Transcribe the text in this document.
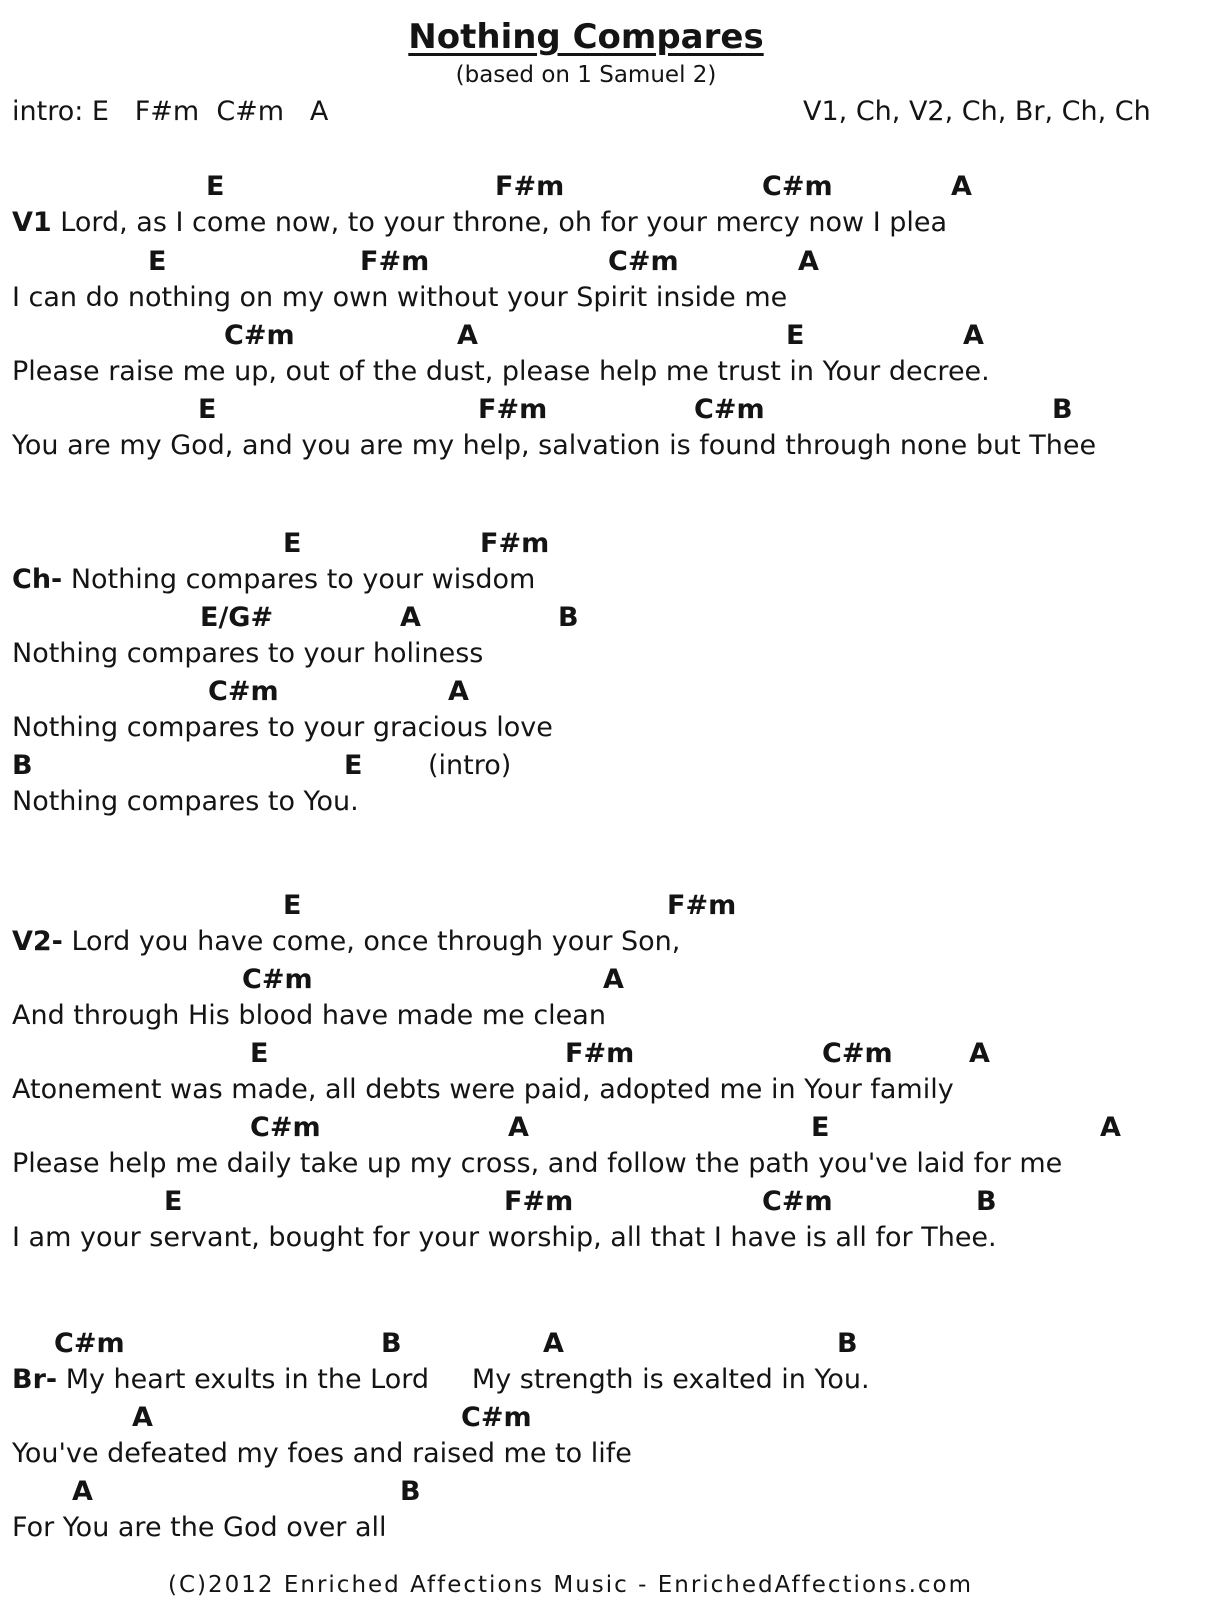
Nothing Compares
(based on 1 Samuel 2)
intro: E   F#m  C#m   A	V1, Ch, V2, Ch, Br, Ch, Ch
E	F#m	C#m	A
V1 Lord, as I come now, to your throne, oh for your mercy now I plea
E	F#m	C#m	A
I can do nothing on my own without your Spirit inside me
C#m	A	E	A
Please raise me up, out of the dust, please help me trust in Your decree.
E	F#m	C#m	B
You are my God, and you are my help, salvation is found through none but Thee
E	F#m
Ch- Nothing compares to your wisdom
E/G#	A	B
Nothing compares to your holiness
C#m	A
Nothing compares to your gracious love
B	E (intro)
Nothing compares to You.
E	F#m
V2- Lord you have come, once through your Son,
C#m	A
And through His blood have made me clean
E	F#m	C#m	A
Atonement was made, all debts were paid, adopted me in Your family
C#m	A	E	A
Please help me daily take up my cross, and follow the path you've laid for me
E	F#m	C#m	B
I am your servant, bought for your worship, all that I have is all for Thee.
C#m	B	A	B
Br- My heart exults in the Lord     My strength is exalted in You.
A	C#m
You've defeated my foes and raised me to life
A	B
For You are the God over all
(C)2012 Enriched Affections Music - EnrichedAffections.com
